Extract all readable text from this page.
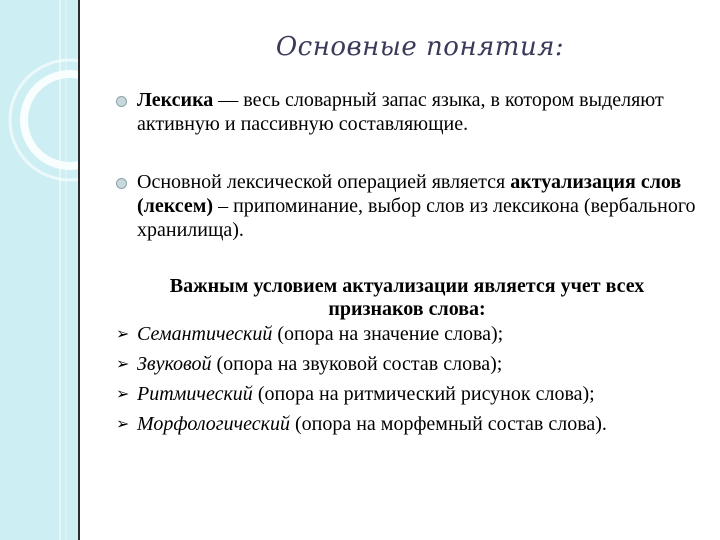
Основные понятия:
Лексика — весь словарный запас языка, в котором выделяют активную и пассивную составляющие.
Основной лексической операцией является актуализация слов (лексем) – припоминание, выбор слов из лексикона (вербального хранилища).
Важным условием актуализации является учет всех признаков слова:
➢ Семантический (опора на значение слова);
➢ Звуковой (опора на звуковой состав слова);
➢ Ритмический (опора на ритмический рисунок слова);
➢ Морфологический (опора на морфемный состав слова).
